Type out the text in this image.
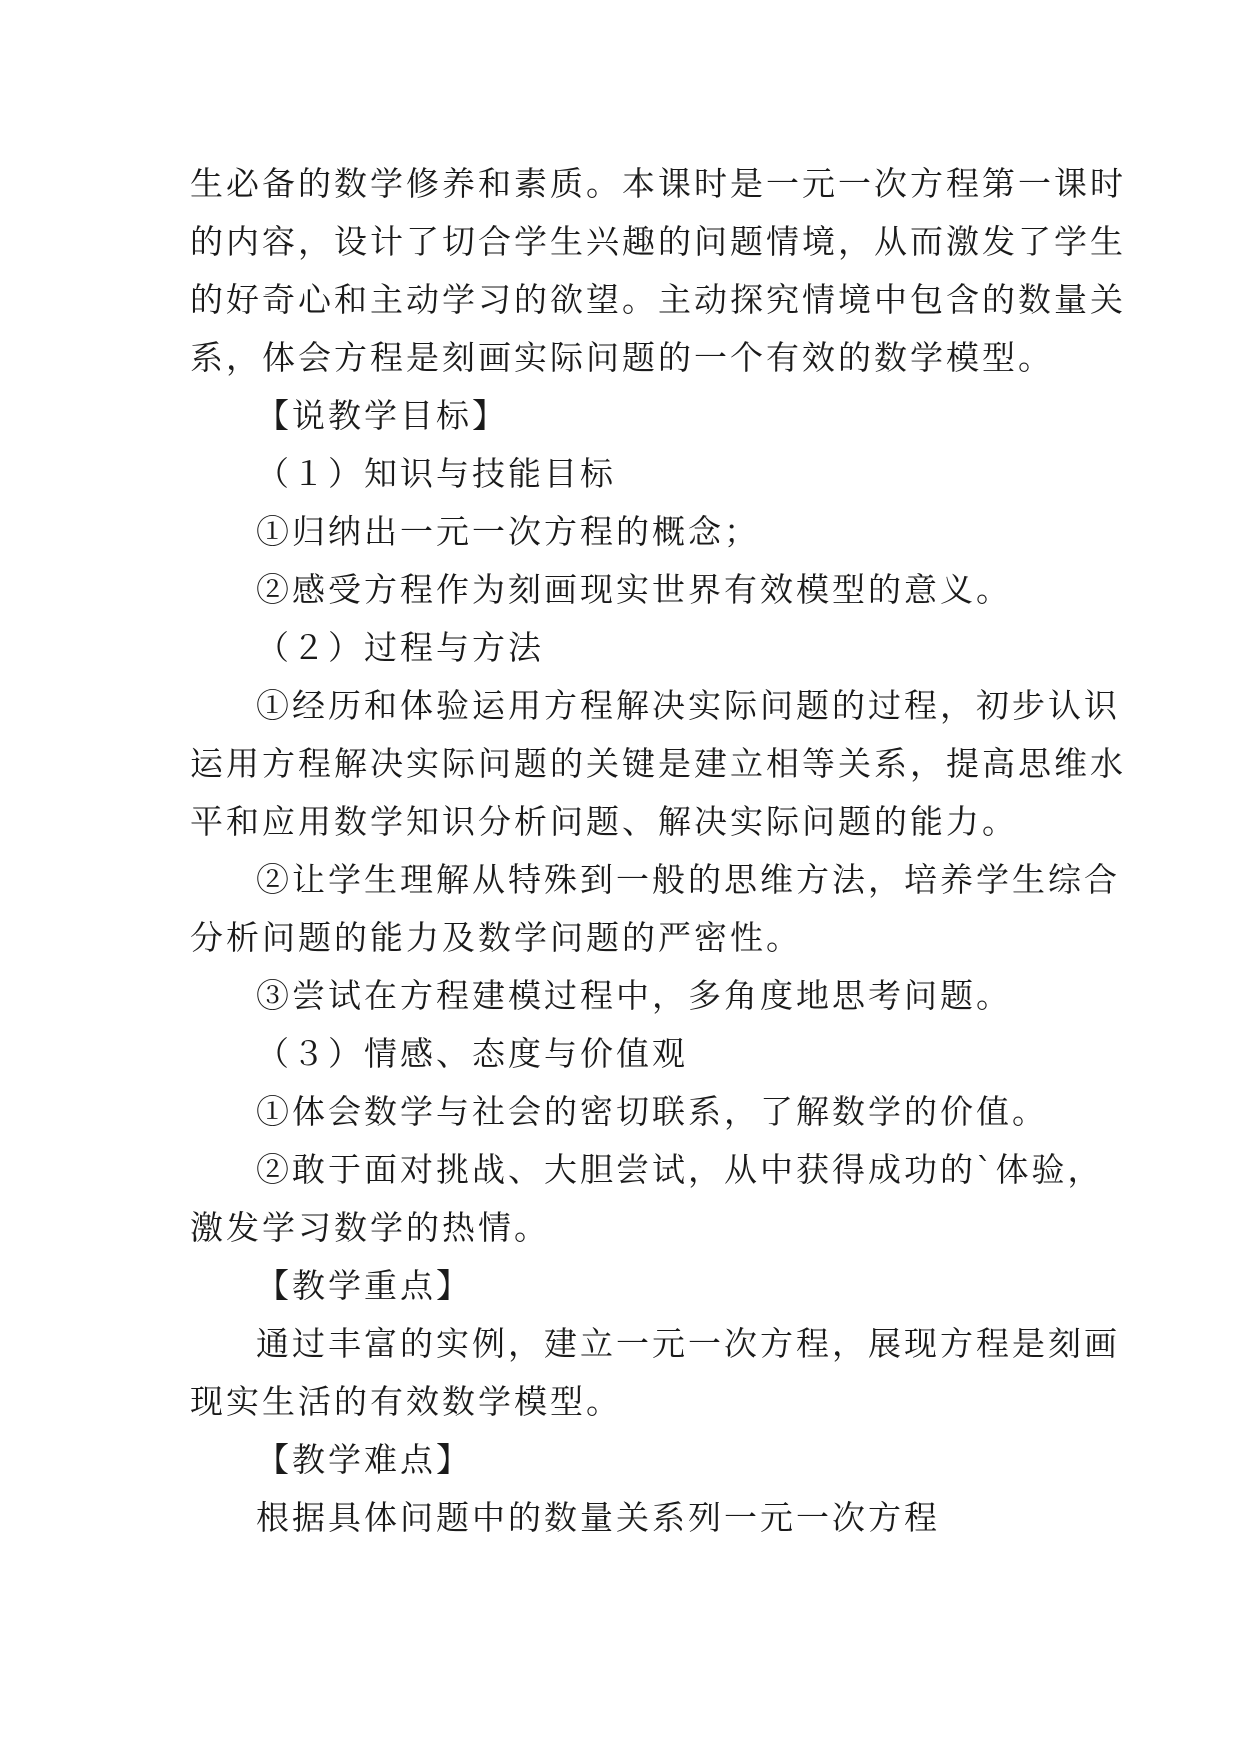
生必备的数学修养和素质。本课时是一元一次方程第一课时
的内容，设计了切合学生兴趣的问题情境，从而激发了学生
的好奇心和主动学习的欲望。主动探究情境中包含的数量关
系，体会方程是刻画实际问题的一个有效的数学模型。
【说教学目标】
（１）知识与技能目标
①归纳出一元一次方程的概念；
②感受方程作为刻画现实世界有效模型的意义。
（２）过程与方法
①经历和体验运用方程解决实际问题的过程，初步认识
运用方程解决实际问题的关键是建立相等关系，提高思维水
平和应用数学知识分析问题、解决实际问题的能力。
②让学生理解从特殊到一般的思维方法，培养学生综合
分析问题的能力及数学问题的严密性。
③尝试在方程建模过程中，多角度地思考问题。
（３）情感、态度与价值观
①体会数学与社会的密切联系，了解数学的价值。
②敢于面对挑战、大胆尝试，从中获得成功的`体验，
激发学习数学的热情。
【教学重点】
通过丰富的实例，建立一元一次方程，展现方程是刻画
现实生活的有效数学模型。
【教学难点】
根据具体问题中的数量关系列一元一次方程
